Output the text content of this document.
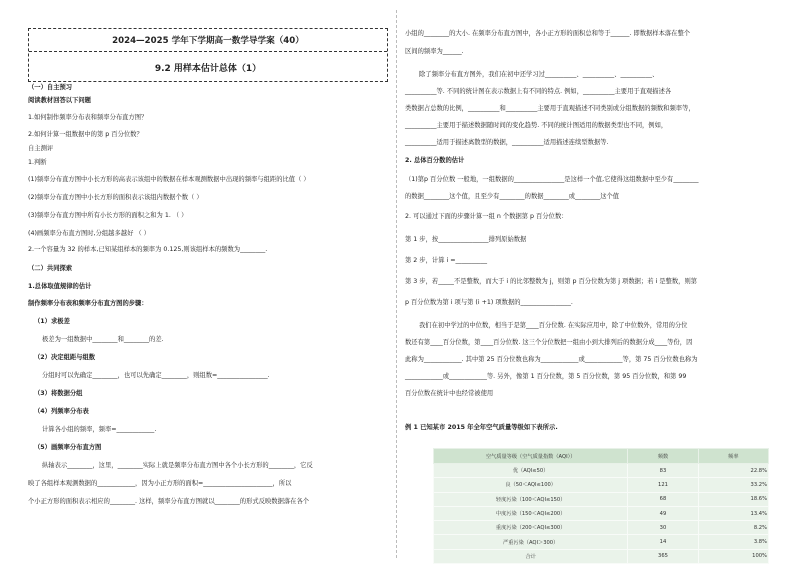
2024—2025 学年下学期高一数学导学案（40）
9.2 用样本估计总体（1）
（一）自主预习
阅读教材回答以下问题
1.如何制作频率分布表和频率分布直方图？
2.如何计算一组数据中的第 p 百分位数？
自主测评
1.判断
(1)频率分布直方图中小长方形的高表示该组中的数据在样本观测数据中出现的频率与组距的比值（ ）
(2)频率分布直方图中小长方形的面积表示该组内数据个数（ ）
(3)频率分布直方图中所有小长方形的面积之和为 1. （ ）
(4)画频率分布直方图时,分组越多越好 （ ）
2.一个容量为 32 的样本,已知某组样本的频率为 0.125,则该组样本的频数为________.
（二）共同探索
1.总体取值规律的估计
制作频率分布表和频率分布直方图的步骤：
（1）求极差
极差为一组数据中________和________的差.
（2）决定组距与组数
分组时可以先确定________，也可以先确定________，则组数=________________.
（3）将数据分组
（4）列频率分布表
计算各小组的频率，频率=____________.
（5）画频率分布直方图
纵轴表示________，这里，________实际上就是频率分布直方图中各个小长方形的________，它反
映了各组样本观测数据的____________，因为小正方形的面积=______________________，所以
个小正方形的面积表示相应的________. 这样，频率分布直方图就以________的形式反映数据落在各个
小组的________的大小. 在频率分布直方图中，各小正方形的面积总和等于______. 即数据样本落在整个
区间的频率为______.
除了频率分布直方图外，我们在初中还学习过__________、__________、__________、
__________等. 不同的统计图在表示数据上有不同的特点. 例如，__________主要用于直观描述各
类数据占总数的比例，__________和__________主要用于直观描述不同类别或分组数据的频数和频率等，
__________主要用于描述数据随时间的变化趋势. 不同的统计图适用的数据类型也不同，例如，
__________适用于描述离散型的数据，__________适用描述连续型数据等.
2. 总体百分数的估计
（1)第p 百分位数 一般地，一组数据的________________是这样一个值,它使得这组数据中至少有________
的数据________这个值，且至少有________的数据________或________这个值
2. 可以通过下面的步骤计算一组 n 个数据第 p 百分位数：
第 1 步，按________________排列原始数据
第 2 步，计算 i =__________
第 3 步，若_____不是整数，而大于 i 的比邻整数为 j，则第 p 百分位数为第 j 项数据；若 i 是整数，则第
p 百分位数为第 i 项与第 (i +1) 项数据的________________.
我们在初中学过的中位数，相当于是第____百分位数. 在实际应用中，除了中位数外，常用的分位
数还有第____百分位数，第____百分位数. 这三个分位数把一组由小到大排列后的数据分成____等份，因
此称为____________. 其中第 25 百分位数也称为____________或____________等，第 75 百分位数也称为
____________或____________等. 另外，像第 1 百分位数，第 5 百分位数，第 95 百分位数，和第 99
百分位数在统计中也经常被使用
例 1 已知某市 2015 年全年空气质量等级如下表所示.
空气质量等级（空气质量指数（AQI））	频数	频率
优（AQI≤50）	83	22.8%
良（50＜AQI≤100）	121	33.2%
轻度污染（100＜AQI≤150）	68	18.6%
中度污染（150＜AQI≤200）	49	13.4%
重度污染（200＜AQI≤300）	30	8.2%
严重污染（AQI＞300）	14	3.8%
合计	365	100%
